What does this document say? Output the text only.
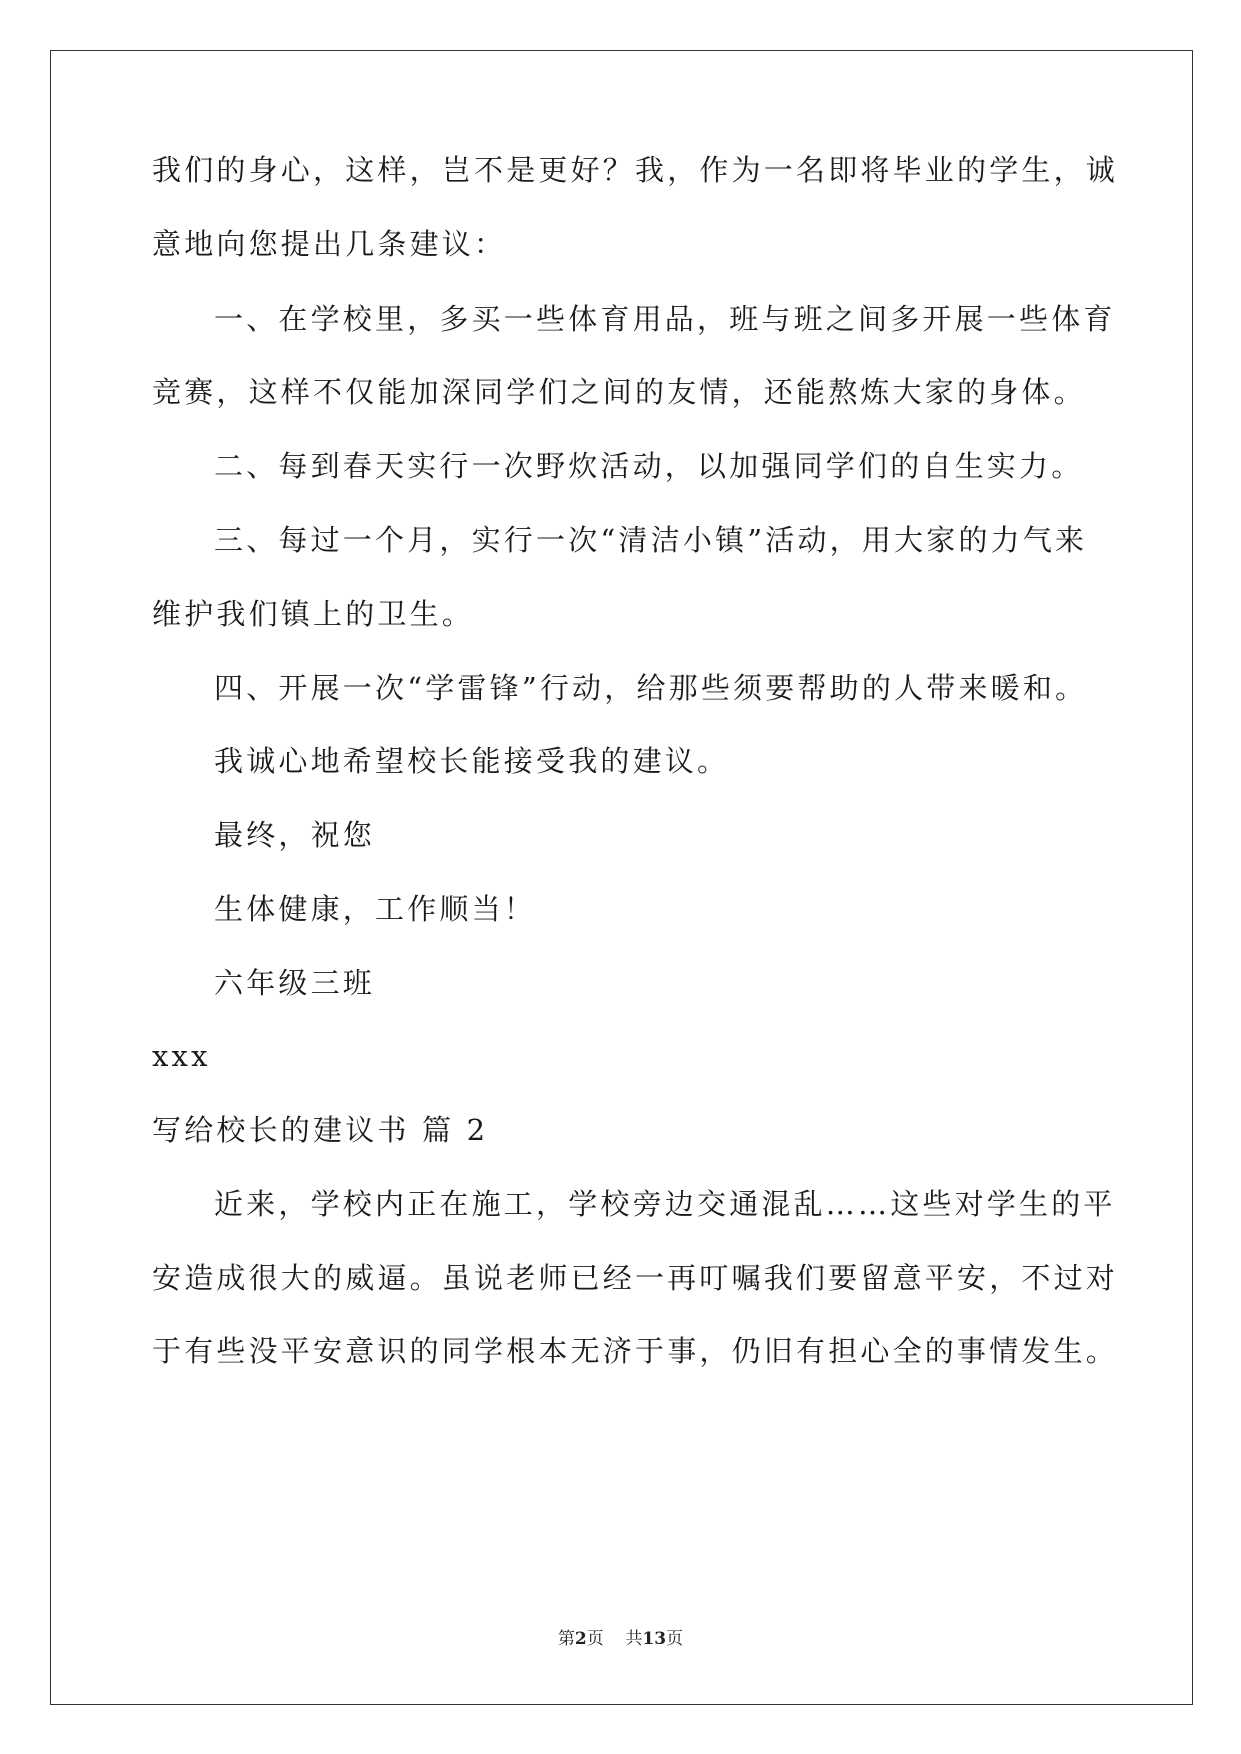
我们的身心，这样，岂不是更好？我，作为一名即将毕业的学生，诚

意地向您提出几条建议：

一、在学校里，多买一些体育用品，班与班之间多开展一些体育

竞赛，这样不仅能加深同学们之间的友情，还能熬炼大家的身体。

二、每到春天实行一次野炊活动，以加强同学们的自生实力。

三、每过一个月，实行一次“清洁小镇”活动，用大家的力气来

维护我们镇上的卫生。

四、开展一次“学雷锋”行动，给那些须要帮助的人带来暖和。

我诚心地希望校长能接受我的建议。

最终，祝您

生体健康，工作顺当！

六年级三班

xxx

写给校长的建议书 篇 2

近来，学校内正在施工，学校旁边交通混乱……这些对学生的平

安造成很大的威逼。虽说老师已经一再叮嘱我们要留意平安，不过对

于有些没平安意识的同学根本无济于事，仍旧有担心全的事情发生。

第2页 共13页
